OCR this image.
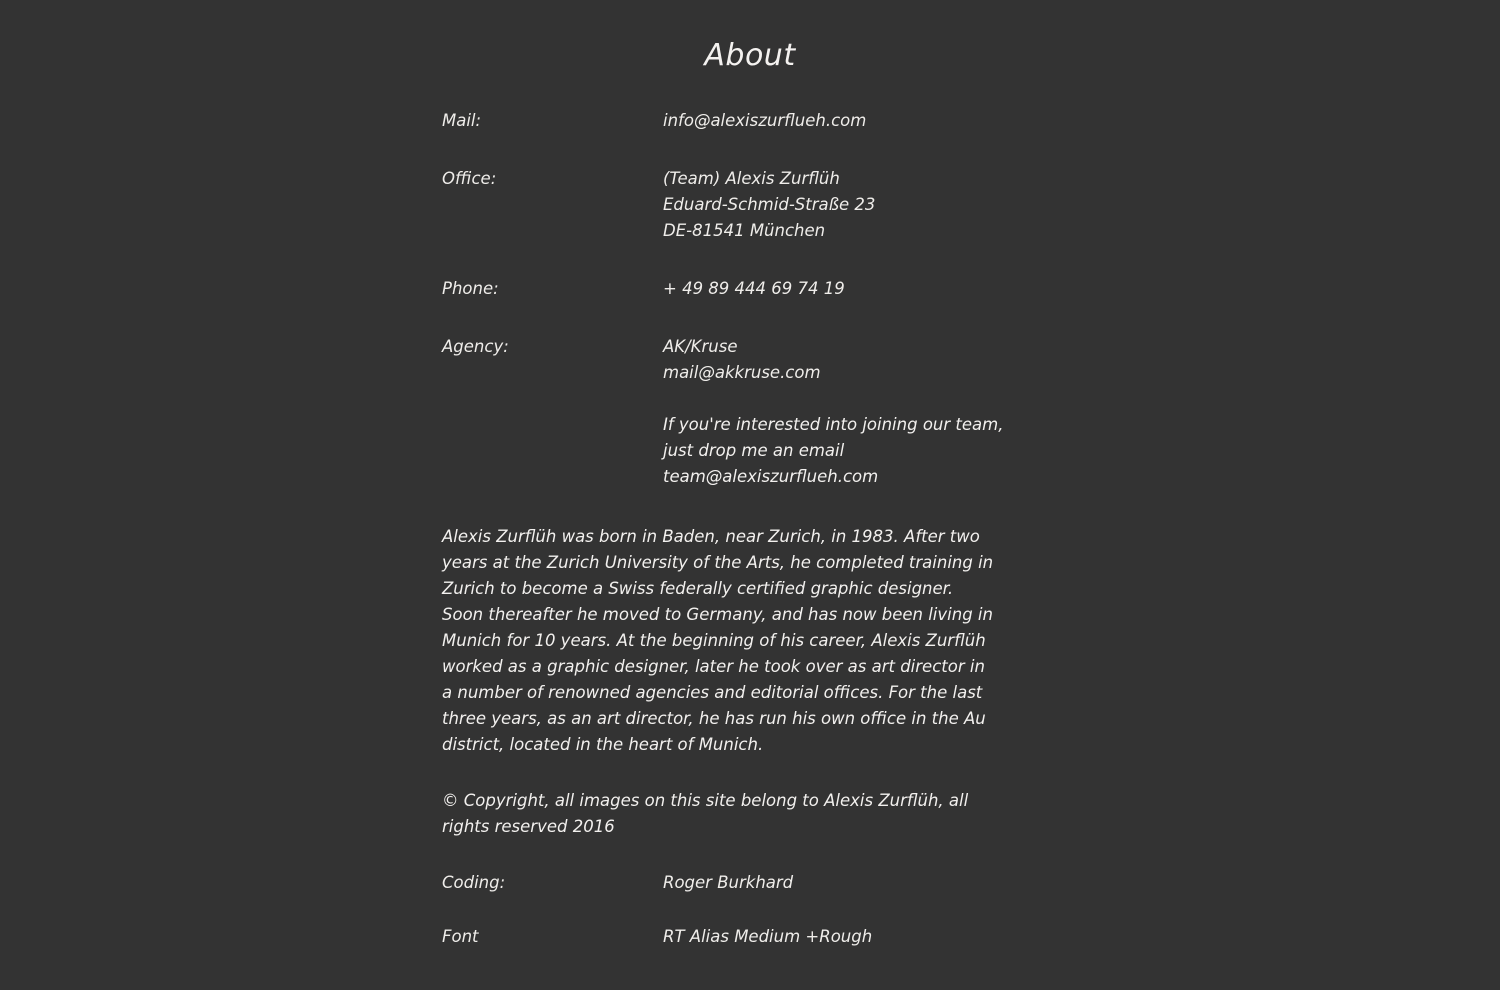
About
Mail:	info@alexiszurflueh.com
Office:	(Team) Alexis Zurflüh
Eduard-Schmid-Straße 23
DE-81541 München
Phone:	+ 49 89 444 69 74 19
Agency:	AK/Kruse
mail@akkruse.com
If you're interested into joining our team,
just drop me an email
team@alexiszurflueh.com
Alexis Zurflüh was born in Baden, near Zurich, in 1983. After two
years at the Zurich University of the Arts, he completed training in
Zurich to become a Swiss federally certified graphic designer.
Soon thereafter he moved to Germany, and has now been living in
Munich for 10 years. At the beginning of his career, Alexis Zurflüh
worked as a graphic designer, later he took over as art director in
a number of renowned agencies and editorial offices. For the last
three years, as an art director, he has run his own office in the Au
district, located in the heart of Munich.
© Copyright, all images on this site belong to Alexis Zurflüh, all
rights reserved 2016
Coding:	Roger Burkhard
Font	RT Alias Medium +Rough
